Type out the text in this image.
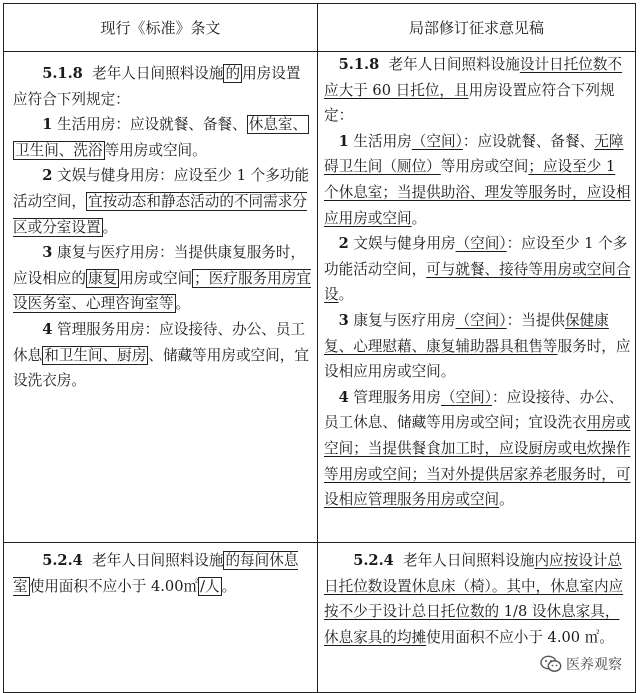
现行《标准》条文	局部修订征求意见稿

5.1.8 老年人日间照料设施 的 用房设置应符合下列规定：

1 生活用房：应设就餐、备餐、 休息室、卫生间、洗浴 等用房或空间。

2 文娱与健身用房：应设至少 1 个多功能活动空间， 宜按动态和静态活动的不同需求分区或分室设置 。

3 康复与医疗用房：当提供康复服务时，应设相应的 康复 用房或空间 ；医疗服务用房宜设医务室、心理咨询室等 。

4 管理服务用房：应设接待、办公、员工休息 和卫生间、厨房 、储藏等用房或空间，宜设洗衣房。

5.1.8 老年人日间照料设施设计日托位数不应大于 60 日托位，且用房设置应符合下列规定：

1 生活用房（空间）：应设就餐、备餐、无障碍卫生间（厕位）等用房或空间；应设至少 1 个休息室；当提供助浴、理发等服务时，应设相应用房或空间。

2 文娱与健身用房（空间）：应设至少 1 个多功能活动空间，可与就餐、接待等用房或空间合设。

3 康复与医疗用房（空间）：当提供保健康复、心理慰藉、康复辅助器具租售等服务时，应设相应用房或空间。

4 管理服务用房（空间）：应设接待、办公、员工休息、储藏等用房或空间；宜设洗衣用房或空间；当提供餐食加工时，应设厨房或电炊操作等用房或空间；当对外提供居家养老服务时，可设相应管理服务用房或空间。

5.2.4 老年人日间照料设施 的每间休息室 使用面积不应小于 4.00㎡ /人 。

5.2.4 老年人日间照料设施内应按设计总日托位数设置休息床（椅）。其中，休息室内应按不少于设计总日托位数的 1/8 设休息家具，休息家具的均摊使用面积不应小于 4.00 ㎡。

医养观察
